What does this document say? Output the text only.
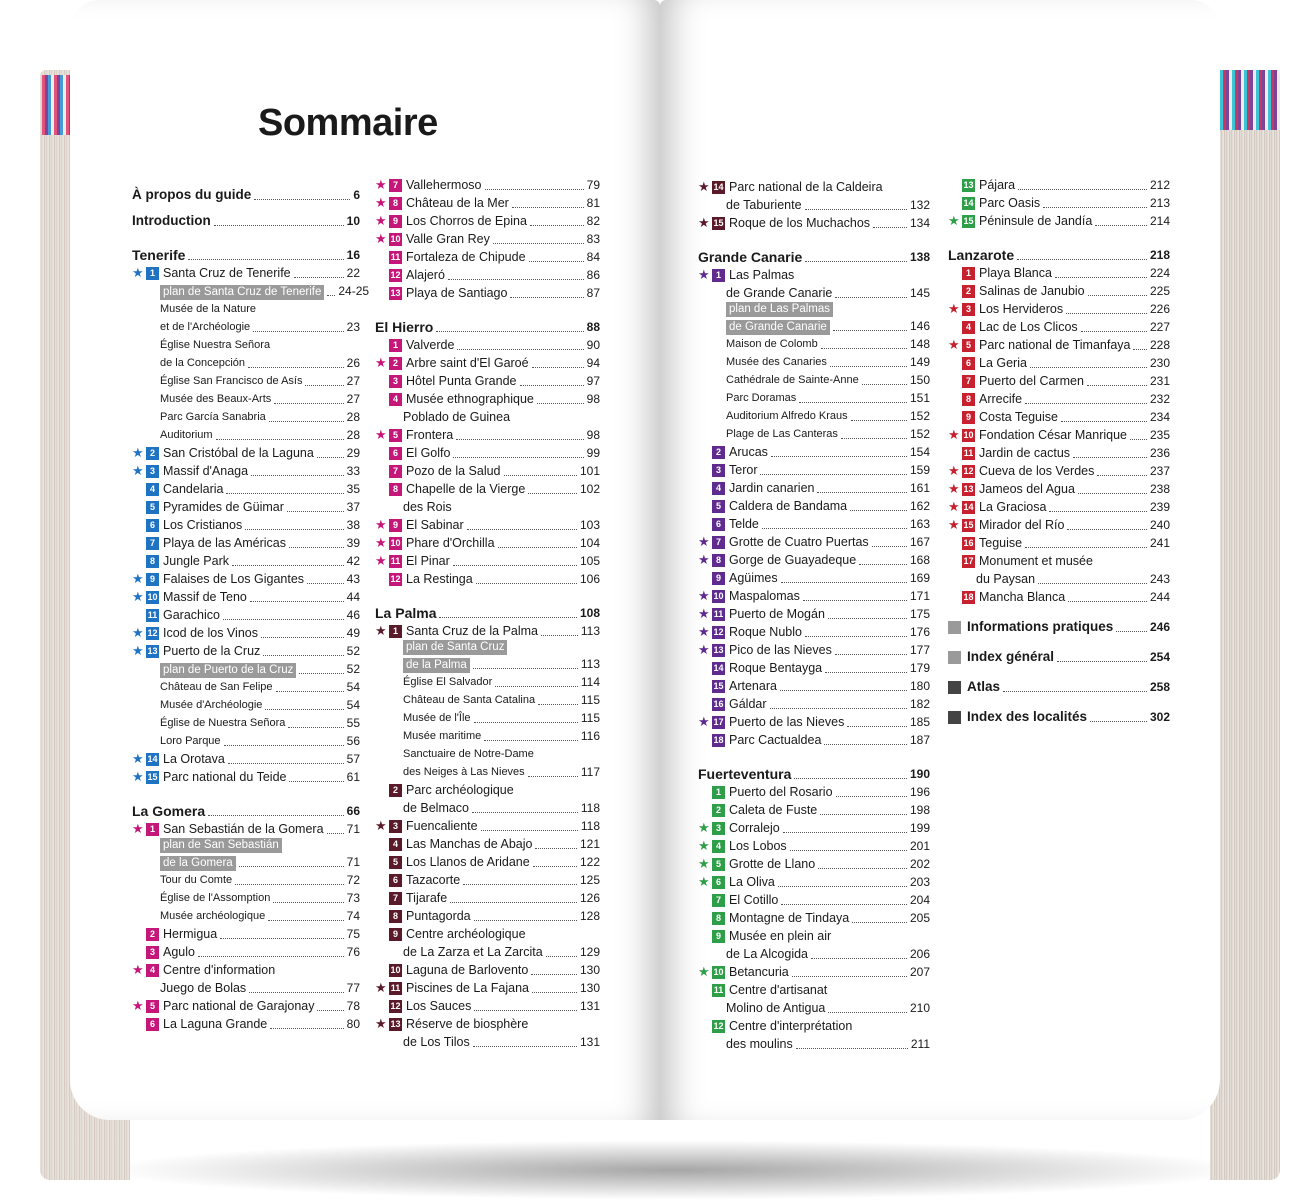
Sommaire
À propos du guide	6
Introduction	10
Tenerife	16
★ 1 Santa Cruz de Tenerife	22
plan de Santa Cruz de Tenerife 24-25
Musée de la Nature
et de l'Archéologie	23
Église Nuestra Señora
de la Concepción	26
Église San Francisco de Asís	27
Musée des Beaux-Arts	27
Parc García Sanabria	28
Auditorium	28
★ 2 San Cristóbal de la Laguna	29
★ 3 Massif d'Anaga	33
4 Candelaria	35
5 Pyramides de Güimar	37
6 Los Cristianos	38
7 Playa de las Américas	39
8 Jungle Park	42
★ 9 Falaises de Los Gigantes	43
★ 10 Massif de Teno	44
11 Garachico	46
★ 12 Icod de los Vinos	49
★ 13 Puerto de la Cruz	52
plan de Puerto de la Cruz	52
Château de San Felipe	54
Musée d'Archéologie	54
Église de Nuestra Señora	55
Loro Parque	56
★ 14 La Orotava	57
★ 15 Parc national du Teide	61
La Gomera	66
★ 1 San Sebastián de la Gomera 71
plan de San Sebastián
de la Gomera	71
Tour du Comte	72
Église de l'Assomption	73
Musée archéologique	74
2 Hermigua	75
3 Agulo	76
★ 4 Centre d'information
Juego de Bolas	77
★ 5 Parc national de Garajonay	78
6 La Laguna Grande	80
★ 7 Vallehermoso	79
★ 8 Château de la Mer	81
★ 9 Los Chorros de Epina	82
★ 10 Valle Gran Rey	83
11 Fortaleza de Chipude	84
12 Alajeró	86
13 Playa de Santiago	87
El Hierro	88
1 Valverde	90
★ 2 Arbre saint d'El Garoé	94
3 Hôtel Punta Grande	97
4 Musée ethnographique	98
Poblado de Guinea
★ 5 Frontera	98
6 El Golfo	99
7 Pozo de la Salud	101
8 Chapelle de la Vierge	102
des Rois
★ 9 El Sabinar	103
★ 10 Phare d'Orchilla	104
★ 11 El Pinar	105
12 La Restinga	106
La Palma	108
★ 1 Santa Cruz de la Palma	113
plan de Santa Cruz
de la Palma	113
Église El Salvador	114
Château de Santa Catalina	115
Musée de l'Île	115
Musée maritime	116
Sanctuaire de Notre-Dame
des Neiges à Las Nieves	117
2 Parc archéologique
de Belmaco	118
★ 3 Fuencaliente	118
4 Las Manchas de Abajo	121
5 Los Llanos de Aridane	122
6 Tazacorte	125
7 Tijarafe	126
8 Puntagorda	128
9 Centre archéologique
de La Zarza et La Zarcita	129
10 Laguna de Barlovento	130
★ 11 Piscines de La Fajana	130
12 Los Sauces	131
★ 13 Réserve de biosphère
de Los Tilos	131
★ 14 Parc national de la Caldeira
de Taburiente	132
★ 15 Roque de los Muchachos	134
Grande Canarie	138
★ 1 Las Palmas
de Grande Canarie	145
plan de Las Palmas
de Grande Canarie	146
Maison de Colomb	148
Musée des Canaries	149
Cathédrale de Sainte-Anne	150
Parc Doramas	151
Auditorium Alfredo Kraus	152
Plage de Las Canteras	152
2 Arucas	154
3 Teror	159
4 Jardin canarien	161
5 Caldera de Bandama	162
6 Telde	163
★ 7 Grotte de Cuatro Puertas	167
★ 8 Gorge de Guayadeque	168
9 Agüimes	169
★ 10 Maspalomas	171
★ 11 Puerto de Mogán	175
★ 12 Roque Nublo	176
★ 13 Pico de las Nieves	177
14 Roque Bentayga	179
15 Artenara	180
16 Gáldar	182
★ 17 Puerto de las Nieves	185
18 Parc Cactualdea	187
Fuerteventura	190
1 Puerto del Rosario	196
2 Caleta de Fuste	198
★ 3 Corralejo	199
★ 4 Los Lobos	201
★ 5 Grotte de Llano	202
★ 6 La Oliva	203
7 El Cotillo	204
8 Montagne de Tindaya	205
9 Musée en plein air
de La Alcogida	206
★ 10 Betancuria	207
11 Centre d'artisanat
Molino de Antigua	210
12 Centre d'interprétation
des moulins	211
13 Pájara	212
14 Parc Oasis	213
★ 15 Péninsule de Jandía	214
Lanzarote	218
1 Playa Blanca	224
2 Salinas de Janubio	225
★ 3 Los Hervideros	226
4 Lac de Los Clicos	227
★ 5 Parc national de Timanfaya 228
6 La Geria	230
7 Puerto del Carmen	231
8 Arrecife	232
9 Costa Teguise	234
★ 10 Fondation César Manrique 235
11 Jardin de cactus	236
★ 12 Cueva de los Verdes	237
★ 13 Jameos del Agua	238
★ 14 La Graciosa	239
★ 15 Mirador del Río	240
16 Teguise	241
17 Monument et musée
du Paysan	243
18 Mancha Blanca	244
Informations pratiques	246
Index général	254
Atlas	258
Index des localités	302
